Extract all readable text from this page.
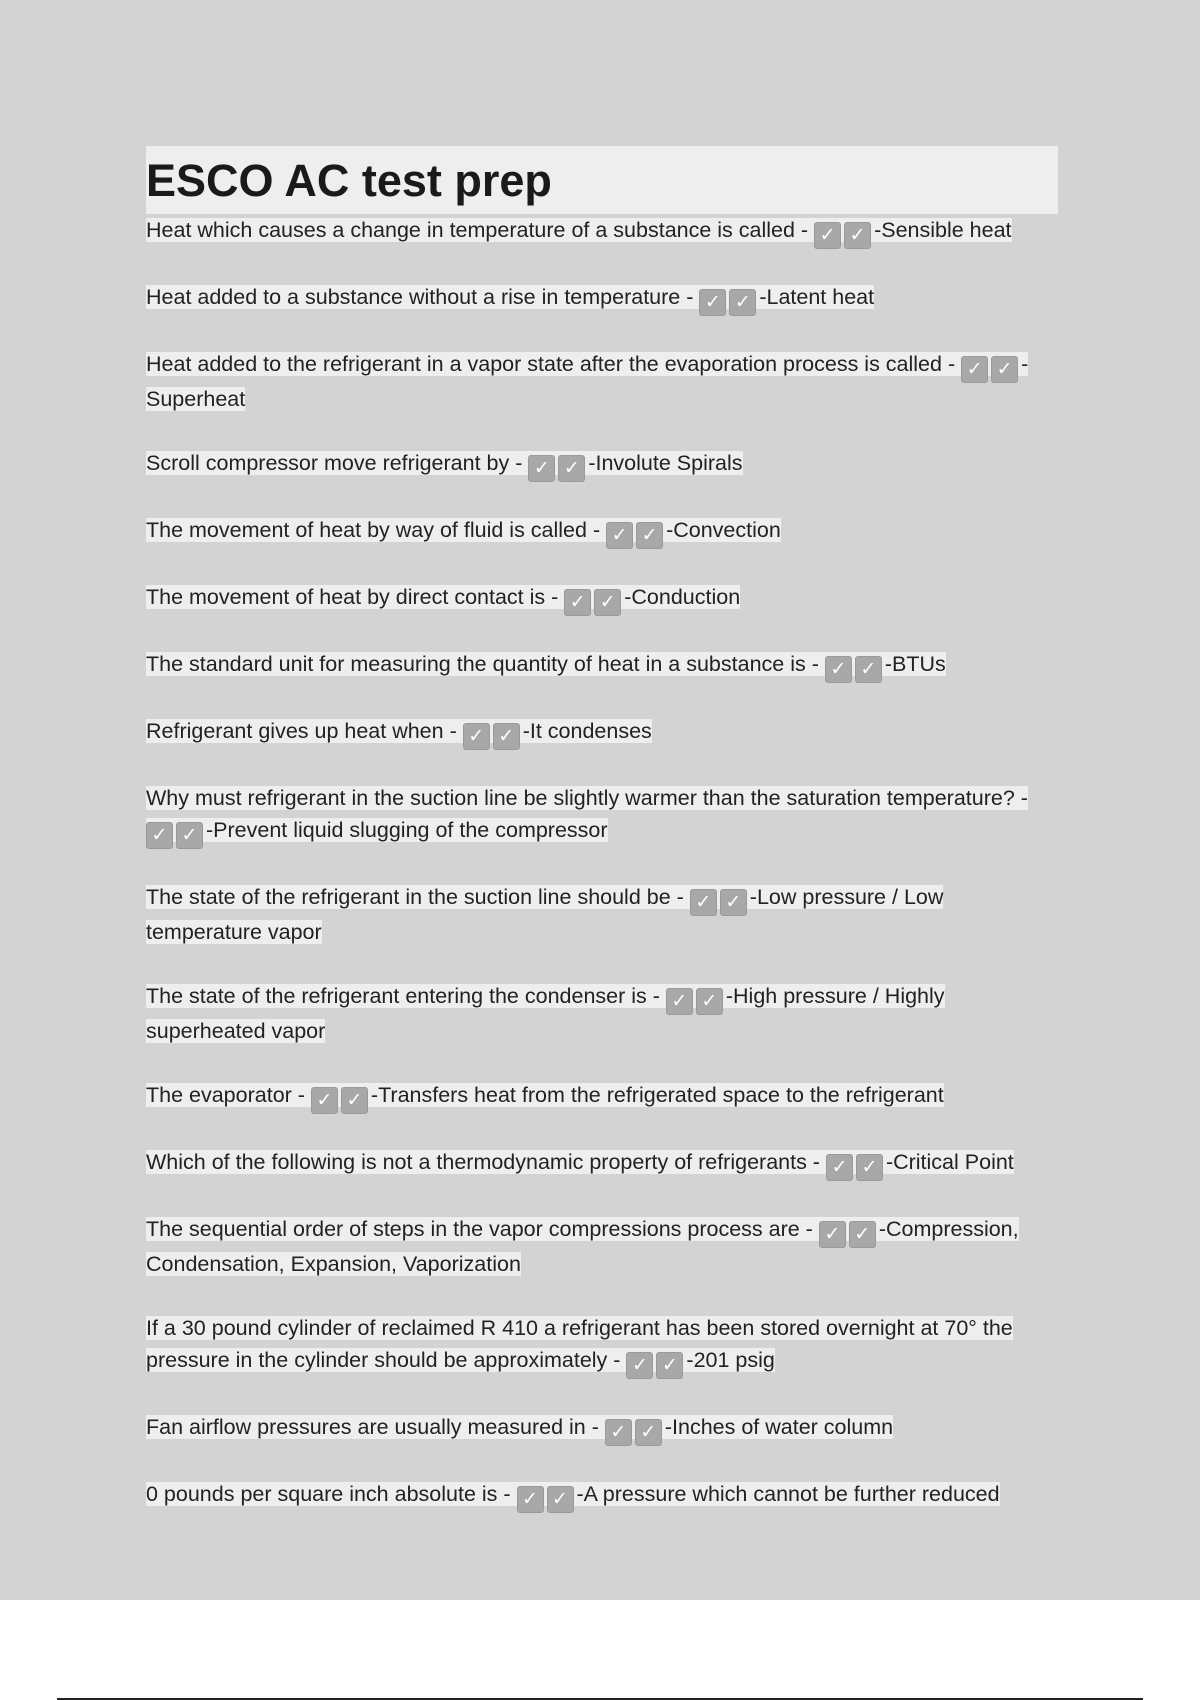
ESCO AC test prep

Heat which causes a change in temperature of a substance is called - ✓ ✓ -Sensible heat

Heat added to a substance without a rise in temperature - ✓ ✓ -Latent heat

Heat added to the refrigerant in a vapor state after the evaporation process is called - ✓ ✓ -Superheat

Scroll compressor move refrigerant by - ✓ ✓ -Involute Spirals

The movement of heat by way of fluid is called - ✓ ✓ -Convection

The movement of heat by direct contact is - ✓ ✓ -Conduction

The standard unit for measuring the quantity of heat in a substance is - ✓ ✓ -BTUs

Refrigerant gives up heat when - ✓ ✓ -It condenses

Why must refrigerant in the suction line be slightly warmer than the saturation temperature? - ✓ ✓ -Prevent liquid slugging of the compressor

The state of the refrigerant in the suction line should be - ✓ ✓ -Low pressure / Low temperature vapor

The state of the refrigerant entering the condenser is - ✓ ✓ -High pressure / Highly superheated vapor

The evaporator - ✓ ✓ -Transfers heat from the refrigerated space to the refrigerant

Which of the following is not a thermodynamic property of refrigerants - ✓ ✓ -Critical Point

The sequential order of steps in the vapor compressions process are - ✓ ✓ -Compression, Condensation, Expansion, Vaporization

If a 30 pound cylinder of reclaimed R 410 a refrigerant has been stored overnight at 70° the pressure in the cylinder should be approximately - ✓ ✓ -201 psig

Fan airflow pressures are usually measured in - ✓ ✓ -Inches of water column

0 pounds per square inch absolute is - ✓ ✓ -A pressure which cannot be further reduced
